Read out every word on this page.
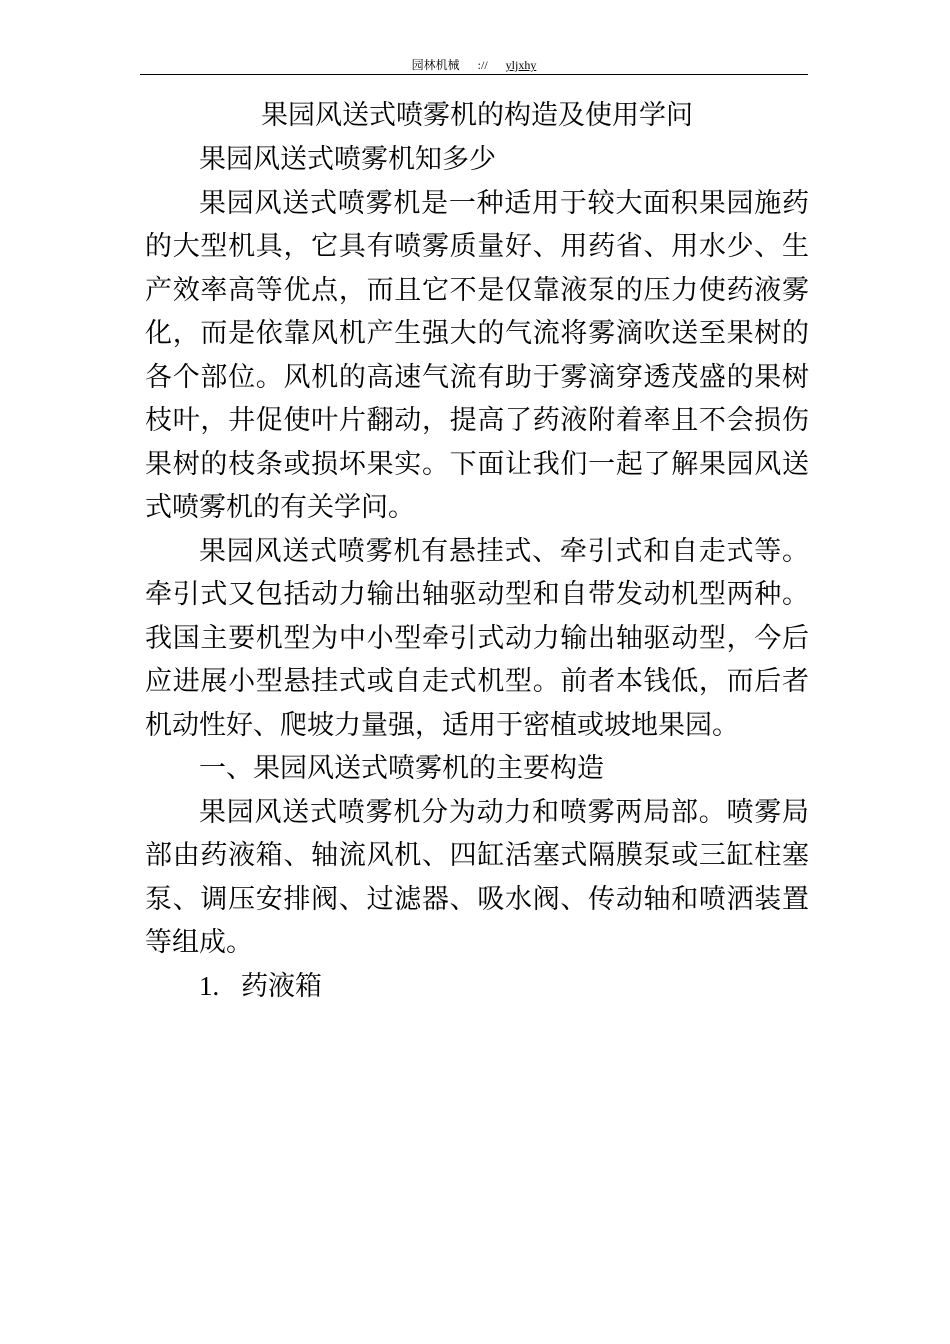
园林机械 :// yljxhy
果园风送式喷雾机的构造及使用学问

果园风送式喷雾机知多少

果园风送式喷雾机是一种适用于较大面积果园施药的大型机具，它具有喷雾质量好、用药省、用水少、生产效率高等优点，而且它不是仅靠液泵的压力使药液雾化，而是依靠风机产生强大的气流将雾滴吹送至果树的各个部位。风机的高速气流有助于雾滴穿透茂盛的果树枝叶，井促使叶片翻动，提高了药液附着率且不会损伤果树的枝条或损坏果实。下面让我们一起了解果园风送式喷雾机的有关学问。

果园风送式喷雾机有悬挂式、牵引式和自走式等。牵引式又包括动力输出轴驱动型和自带发动机型两种。我国主要机型为中小型牵引式动力输出轴驱动型，今后应进展小型悬挂式或自走式机型。前者本钱低，而后者机动性好、爬坡力量强，适用于密植或坡地果园。

一、果园风送式喷雾机的主要构造

果园风送式喷雾机分为动力和喷雾两局部。喷雾局部由药液箱、轴流风机、四缸活塞式隔膜泵或三缸柱塞泵、调压安排阀、过滤器、吸水阀、传动轴和喷洒装置等组成。

1. 药液箱
